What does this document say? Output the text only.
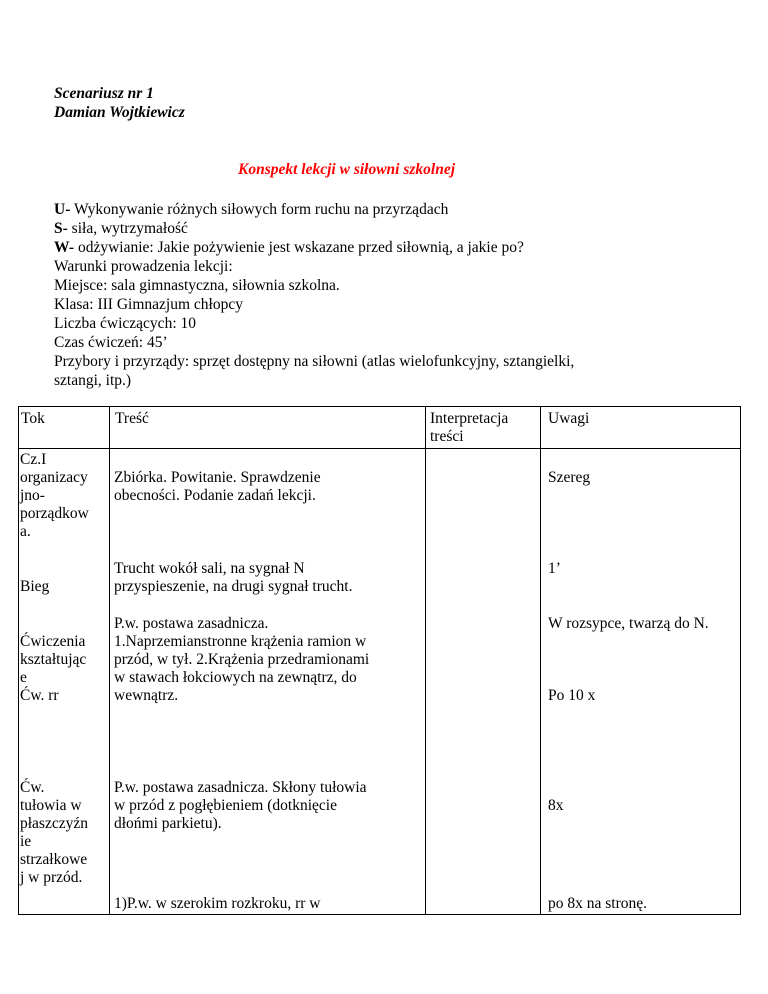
Scenariusz nr 1

Damian Wojtkiewicz

Konspekt lekcji w siłowni szkolnej

U- Wykonywanie różnych siłowych form ruchu na przyrządach
S- siła, wytrzymałość
W- odżywianie: Jakie pożywienie jest wskazane przed siłownią, a jakie po?
Warunki prowadzenia lekcji:
Miejsce: sala gimnastyczna, siłownia szkolna.
Klasa: III Gimnazjum chłopcy
Liczba ćwiczących: 10
Czas ćwiczeń: 45’
Przybory i przyrządy: sprzęt dostępny na siłowni (atlas wielofunkcyjny, sztangielki,
sztangi, itp.)
Tok	Treść	Interpretacja
treści
Uwagi
Cz.I
organizacy
jno-
porządkow
a.
Bieg
Ćwiczenia
kształtując
e
Ćw. rr
Ćw.
tułowia w
płaszczyźn
ie
strzałkowe
j w przód.
Zbiórka. Powitanie. Sprawdzenie
obecności. Podanie zadań lekcji.
Trucht wokół sali, na sygnał N
przyspieszenie, na drugi sygnał trucht.
P.w. postawa zasadnicza.
1.Naprzemianstronne krążenia ramion w
przód, w tył. 2.Krążenia przedramionami
w stawach łokciowych na zewnątrz, do
wewnątrz.
P.w. postawa zasadnicza. Skłony tułowia
w przód z pogłębieniem (dotknięcie
dłońmi parkietu).
1)P.w. w szerokim rozkroku, rr w
Szereg
1’
W rozsypce, twarzą do N.
Po 10 x
8x
po 8x na stronę.
